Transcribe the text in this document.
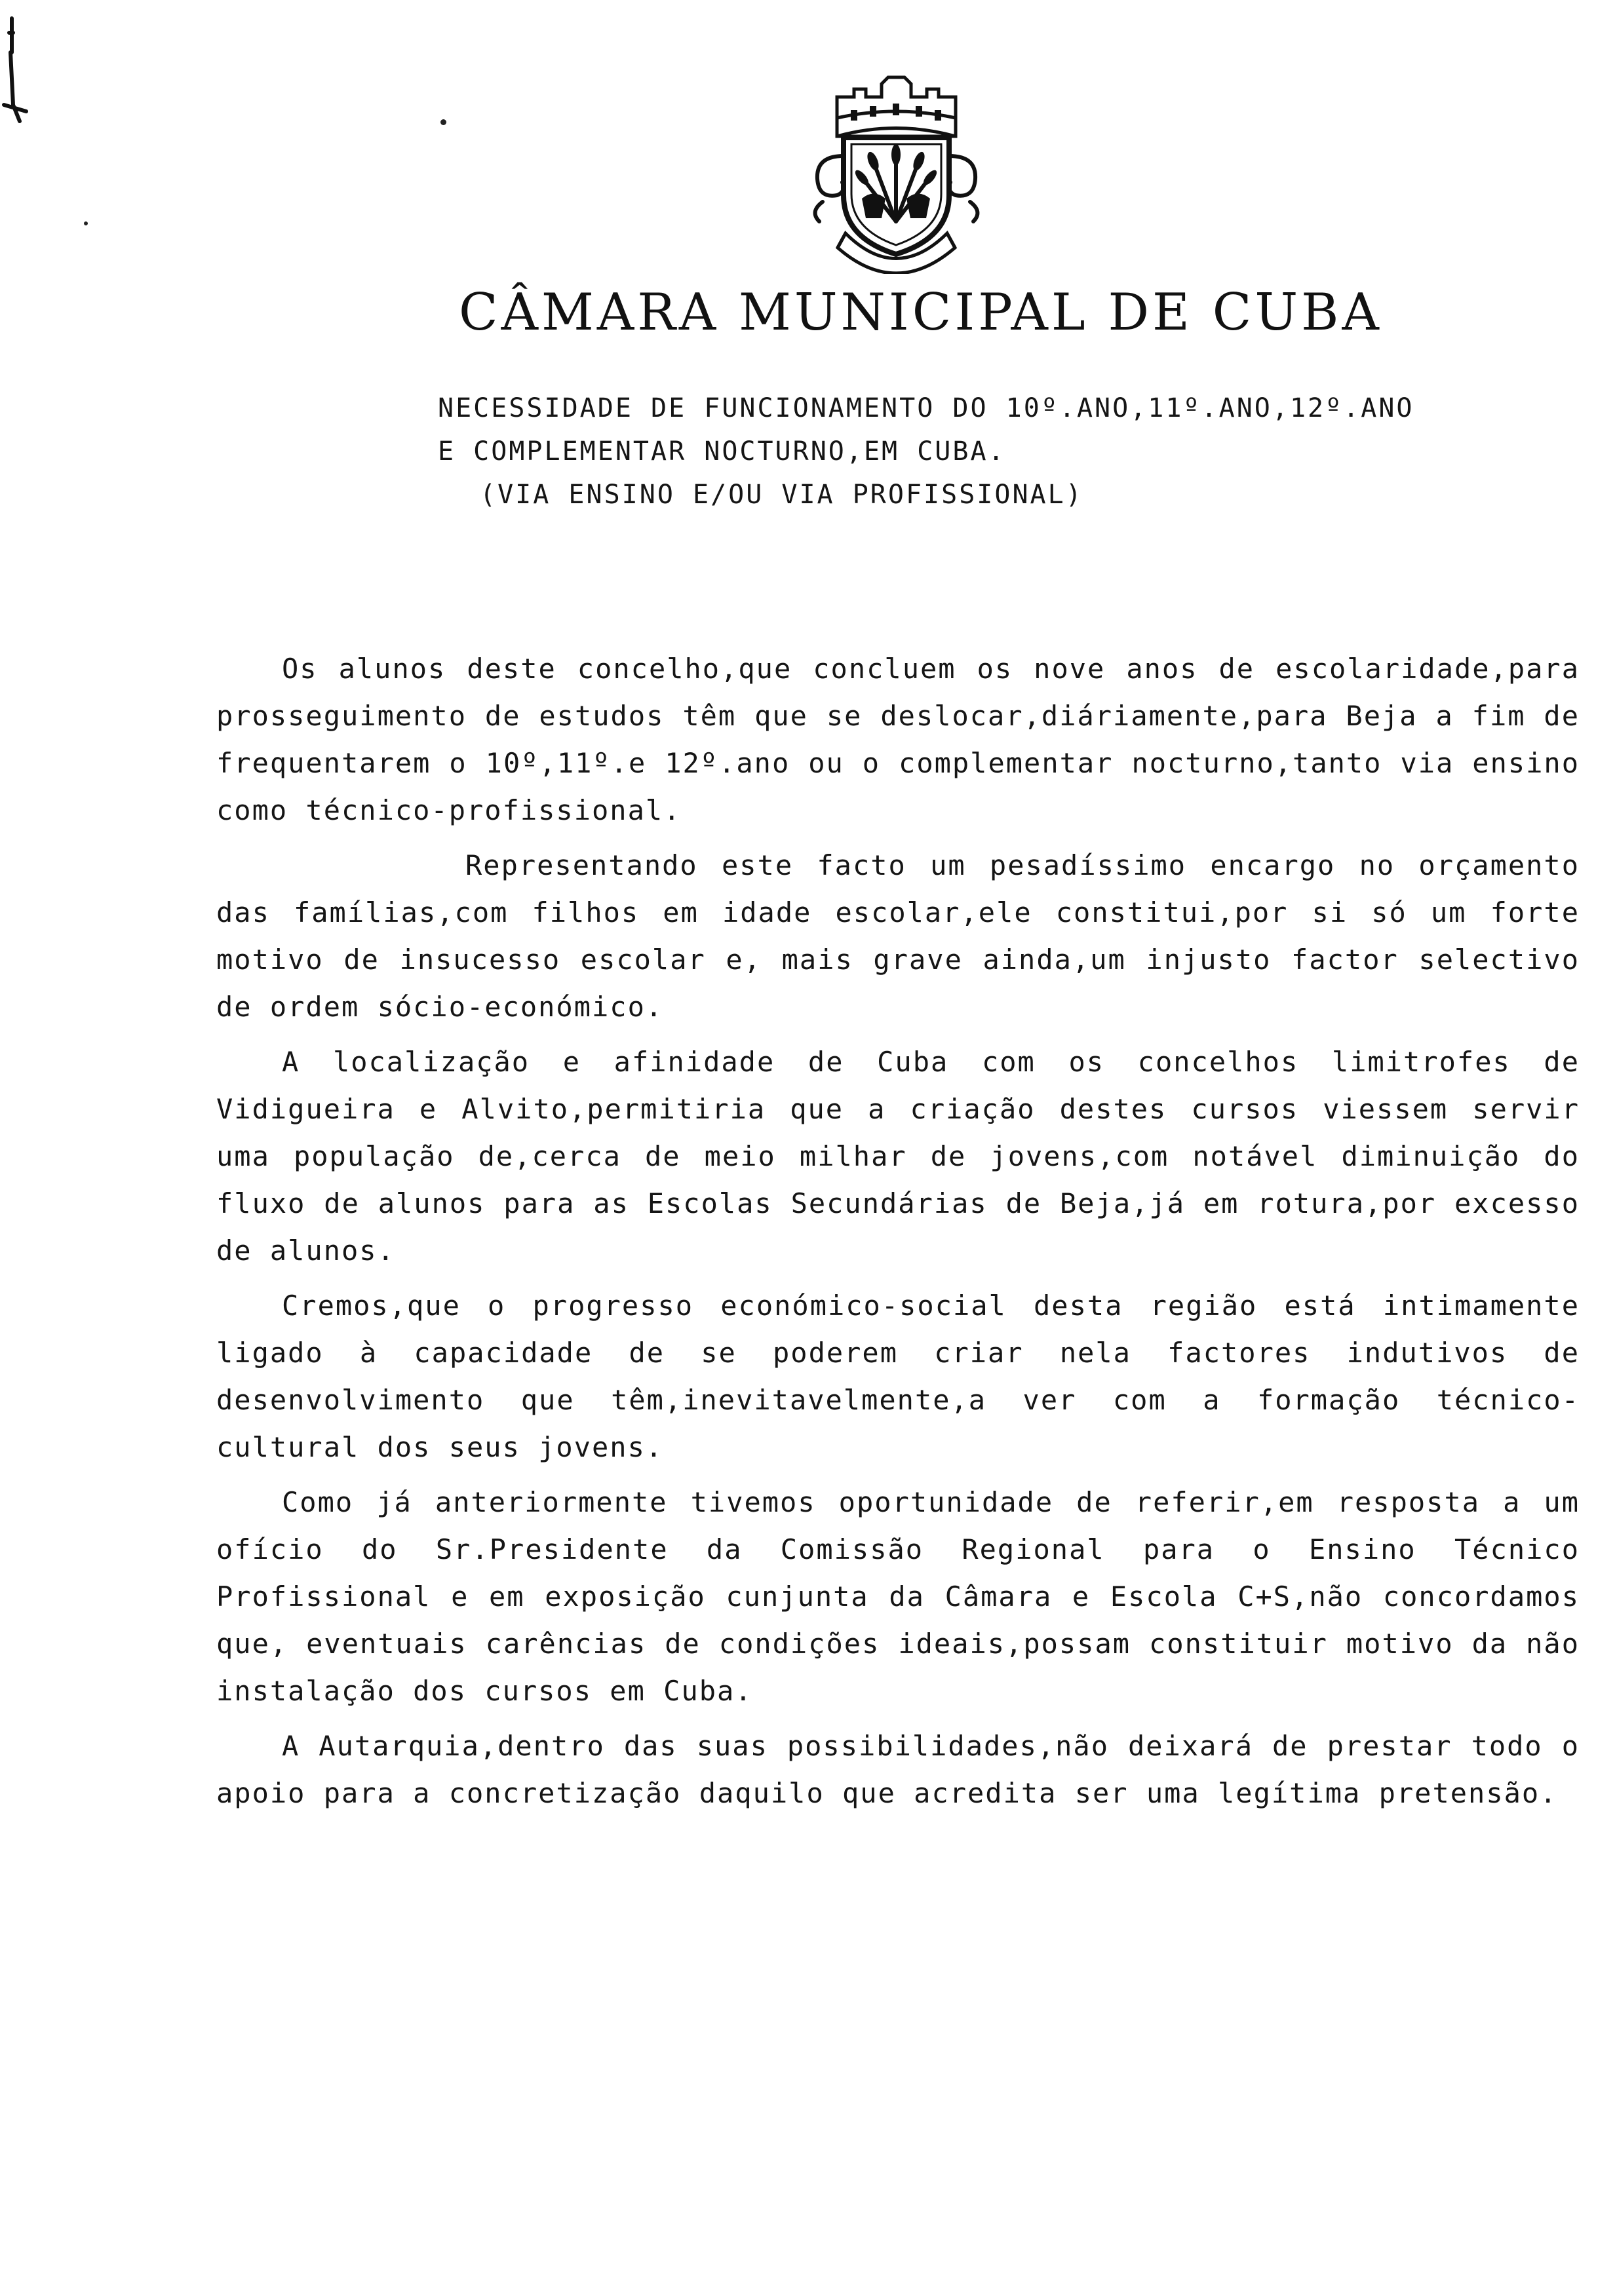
CÂMARA MUNICIPAL DE CUBA
NECESSIDADE DE FUNCIONAMENTO DO 10º.ANO,11º.ANO,12º.ANO
E COMPLEMENTAR NOCTURNO,EM CUBA.
(VIA ENSINO E/OU VIA PROFISSIONAL)

Os alunos deste concelho,que concluem os nove anos de escolaridade,para prosseguimento de estudos têm que se deslocar,diáriamente,para Beja a fim de frequentarem o 10º,11º.e 12º.ano ou o complementar nocturno,tanto via ensino como técnico-profissional.

Representando este facto um pesadíssimo encargo no orçamento das famílias,com filhos em idade escolar,ele constitui,por si só um forte motivo de insucesso escolar e, mais grave ainda,um injusto factor selectivo de ordem sócio-económico.

A localização e afinidade de Cuba com os concelhos limitrofes de Vidigueira e Alvito,permitiria que a criação destes cursos viessem servir uma população de,cerca de meio milhar de jovens,com notável diminuição do fluxo de alunos para as Escolas Secundárias de Beja,já em rotura,por excesso de alunos.

Cremos,que o progresso económico-social desta região está intimamente ligado à capacidade de se poderem criar nela factores indutivos de desenvolvimento que têm,inevitavelmente,a ver com a formação técnico-cultural dos seus jovens.

Como já anteriormente tivemos oportunidade de referir,em resposta a um ofício do Sr.Presidente da Comissão Regional para o Ensino Técnico Profissional e em exposição cunjunta da Câmara e Escola C+S,não concordamos que, eventuais carências de condições ideais,possam constituir motivo da não instalação dos cursos em Cuba.

A Autarquia,dentro das suas possibilidades,não deixará de prestar todo o apoio para a concretização daquilo que acredita ser uma legítima pretensão.
